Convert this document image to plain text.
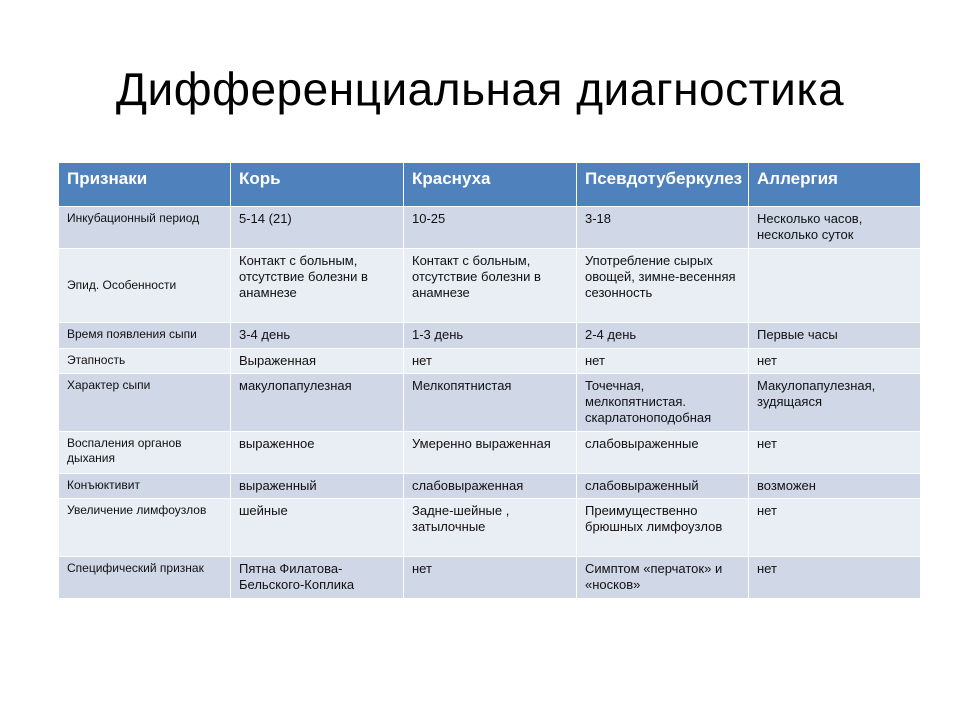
Дифференциальная диагностика
Признаки	Корь	Краснуха	Псевдотуберкулез	Аллергия
Инкубационный период	5-14 (21)	10-25	3-18	Несколько часов, несколько суток
Эпид. Особенности	Контакт с больным, отсутствие болезни в анамнезе	Контакт с больным, отсутствие болезни в анамнезе	Употребление сырых овощей, зимне-весенняя сезонность	
Время появления сыпи	3-4 день	1-3 день	2-4 день	Первые часы
Этапность	Выраженная	нет	нет	нет
Характер сыпи	макулопапулезная	Мелкопятнистая	Точечная, мелкопятнистая. скарлатоноподобная	Макулопапулезная, зудящаяся
Воспаления органов дыхания	выраженное	Умеренно выраженная	слабовыраженные	нет
Конъюктивит	выраженный	слабовыраженная	слабовыраженный	возможен
Увеличение лимфоузлов	шейные	Задне-шейные , затылочные	Преимущественно брюшных лимфоузлов	нет
Специфический признак	Пятна Филатова-Бельского-Коплика	нет	Симптом «перчаток» и «носков»	нет
